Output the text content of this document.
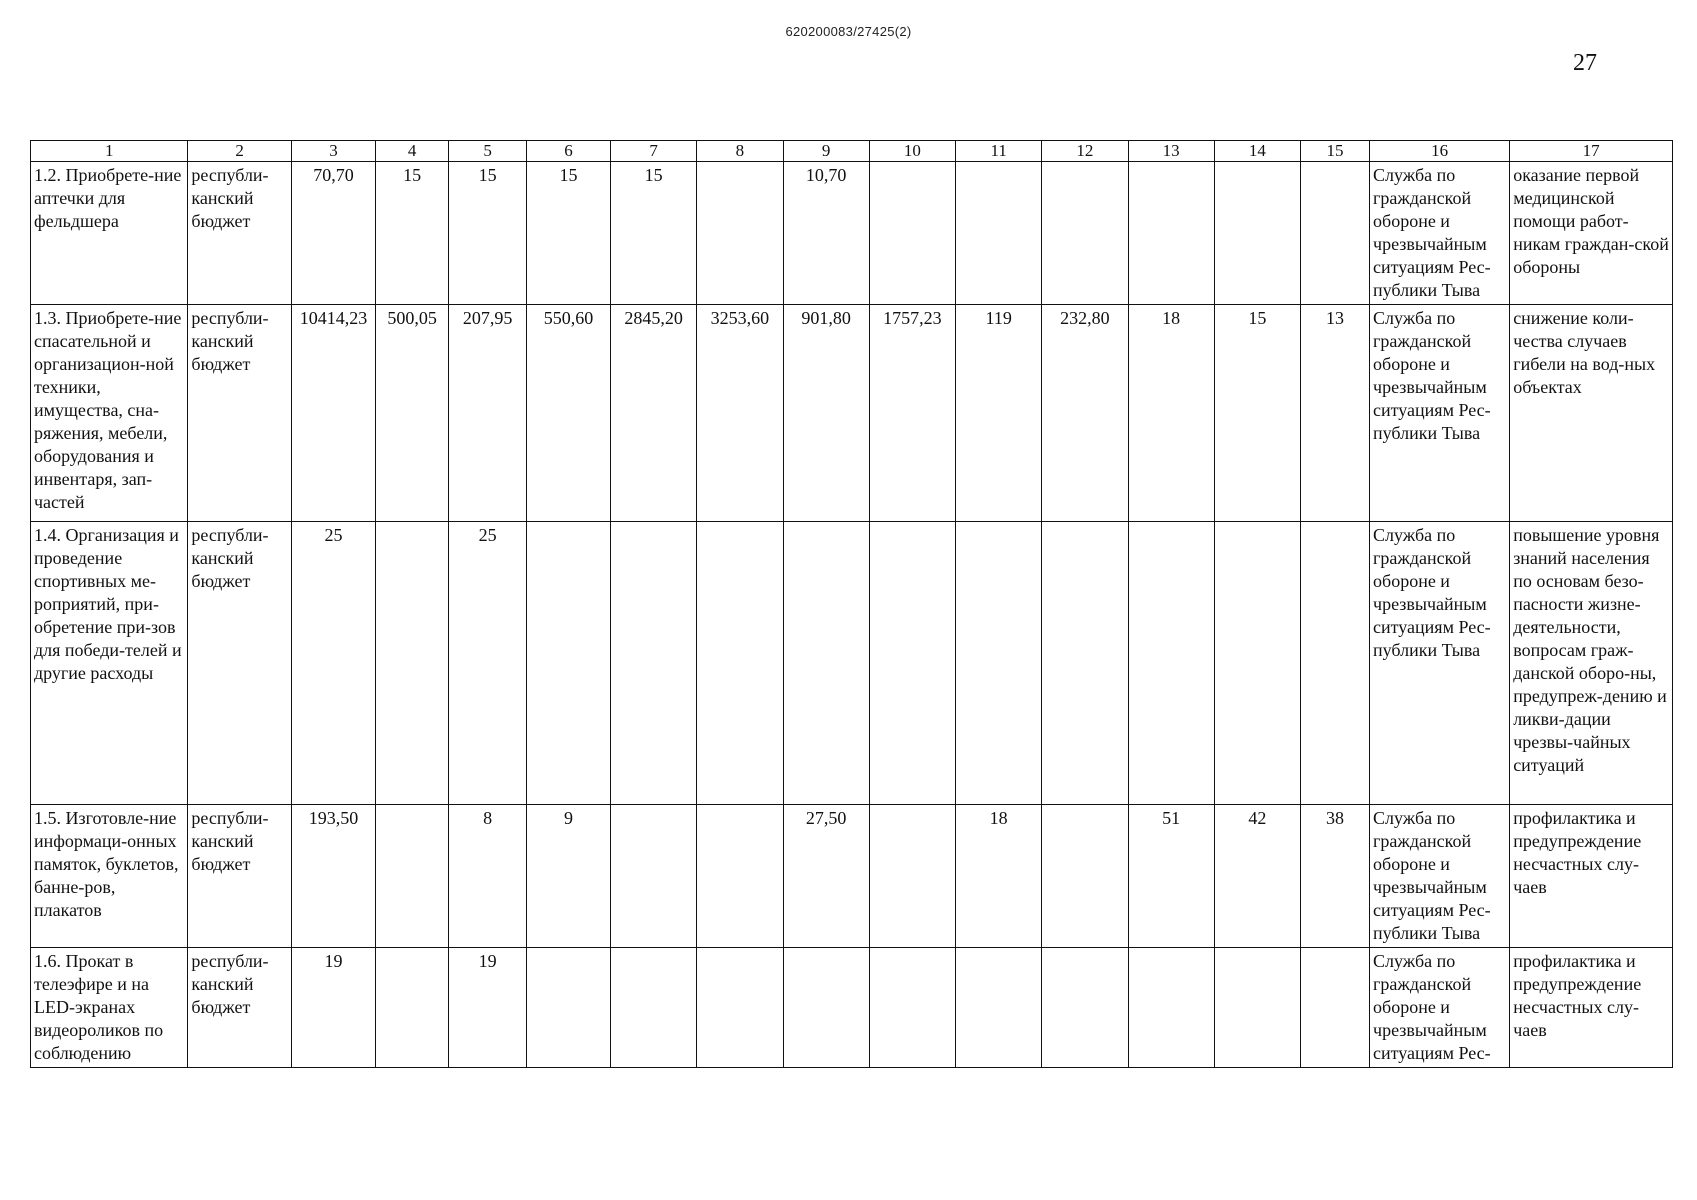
620200083/27425(2)
27
1	2	3	4	5	6	7	8	9	10	11	12	13	14	15	16	17
1.2. Приобрете-ние аптечки для фельдшера	республи-канский бюджет	70,70	15	15	15	15		10,70							Служба по гражданской обороне и чрезвычайным ситуациям Рес-публики Тыва	оказание первой медицинской помощи работ-никам граждан-ской обороны
1.3. Приобрете-ние спасательной и организацион-ной техники, имущества, сна-ряжения, мебели, оборудования и инвентаря, зап-частей	республи-канский бюджет	10414,23	500,05	207,95	550,60	2845,20	3253,60	901,80	1757,23	119	232,80	18	15	13	Служба по гражданской обороне и чрезвычайным ситуациям Рес-публики Тыва	снижение коли-чества случаев гибели на вод-ных объектах
1.4. Организация и проведение спортивных ме-роприятий, при-обретение при-зов для победи-телей и другие расходы	республи-канский бюджет	25		25											Служба по гражданской обороне и чрезвычайным ситуациям Рес-публики Тыва	повышение уровня знаний населения по основам безо-пасности жизне-деятельности, вопросам граж-данской оборо-ны, предупреж-дению и ликви-дации чрезвы-чайных ситуаций
1.5. Изготовле-ние информаци-онных памяток, буклетов, банне-ров, плакатов	республи-канский бюджет	193,50		8	9			27,50		18		51	42	38	Служба по гражданской обороне и чрезвычайным ситуациям Рес-публики Тыва	профилактика и предупреждение несчастных слу-чаев
1.6. Прокат в телеэфире и на LED-экранах видеороликов по соблюдению	республи-канский бюджет	19		19											Служба по гражданской обороне и чрезвычайным ситуациям Рес-	профилактика и предупреждение несчастных слу-чаев
